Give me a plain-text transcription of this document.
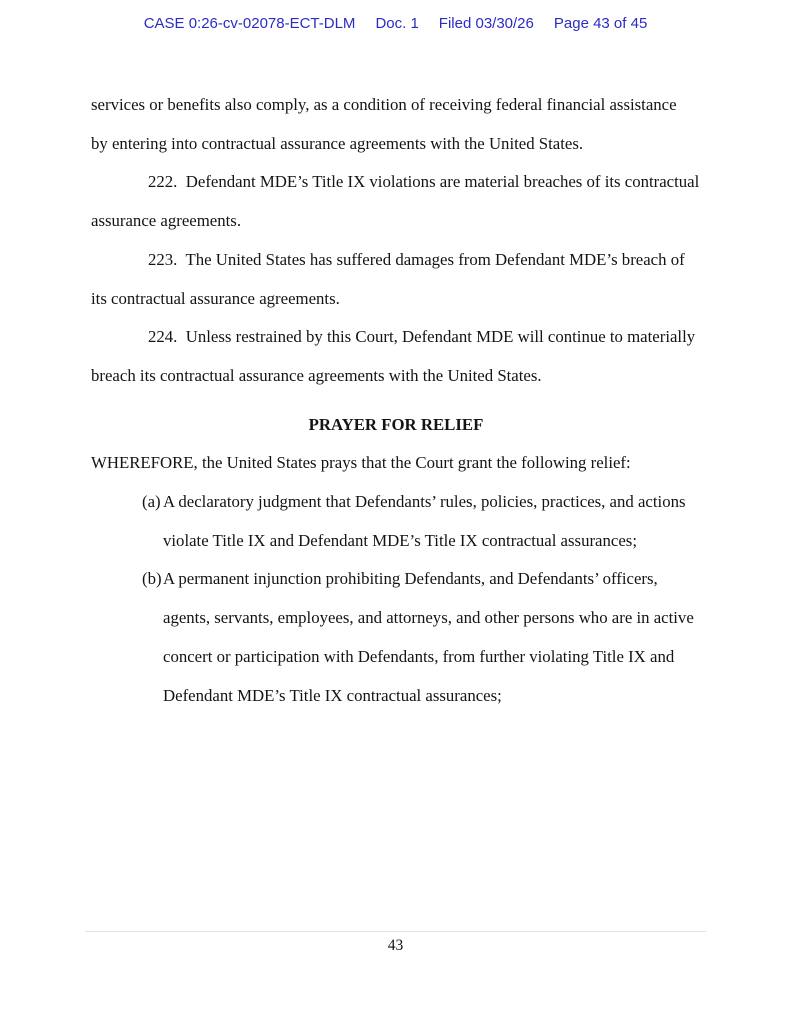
CASE 0:26-cv-02078-ECT-DLM Doc. 1 Filed 03/30/26 Page 43 of 45
services or benefits also comply, as a condition of receiving federal financial assistance
by entering into contractual assurance agreements with the United States.
222.  Defendant MDE’s Title IX violations are material breaches of its contractual
assurance agreements.
223.  The United States has suffered damages from Defendant MDE’s breach of
its contractual assurance agreements.
224.  Unless restrained by this Court, Defendant MDE will continue to materially
breach its contractual assurance agreements with the United States.
PRAYER FOR RELIEF
WHEREFORE, the United States prays that the Court grant the following relief:
(a) A declaratory judgment that Defendants’ rules, policies, practices, and actions
violate Title IX and Defendant MDE’s Title IX contractual assurances;
(b)A permanent injunction prohibiting Defendants, and Defendants’ officers,
agents, servants, employees, and attorneys, and other persons who are in active
concert or participation with Defendants, from further violating Title IX and
Defendant MDE’s Title IX contractual assurances;
43
